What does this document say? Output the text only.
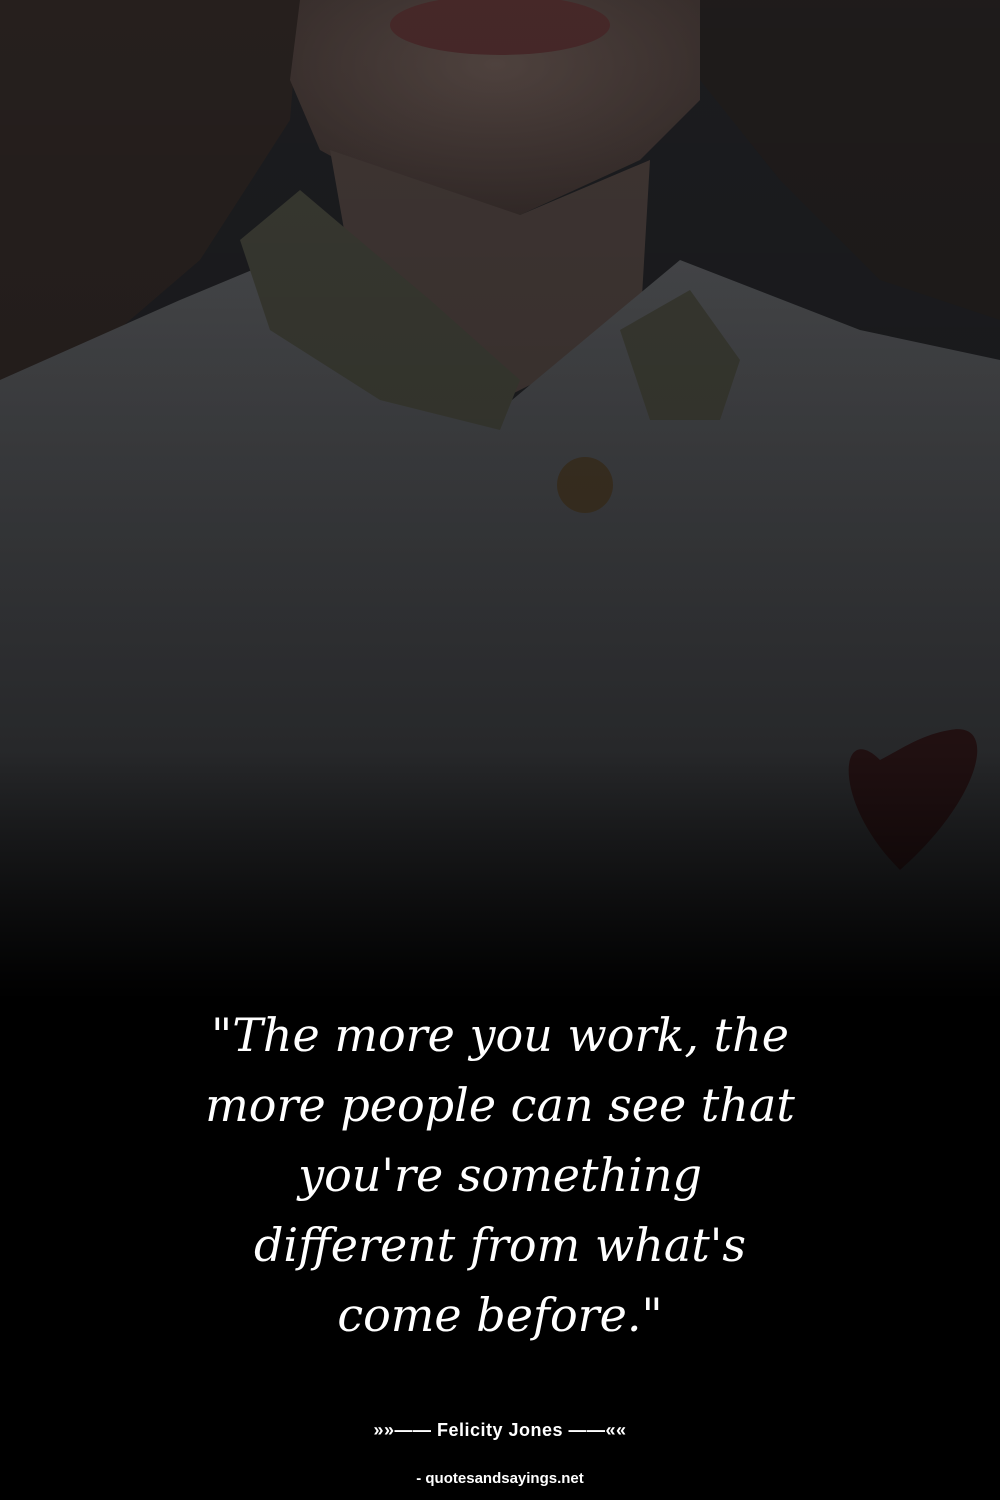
"The more you work, the
more people can see that
you're something
different from what's
come before."

»»—— Felicity Jones ——««
- quotesandsayings.net
